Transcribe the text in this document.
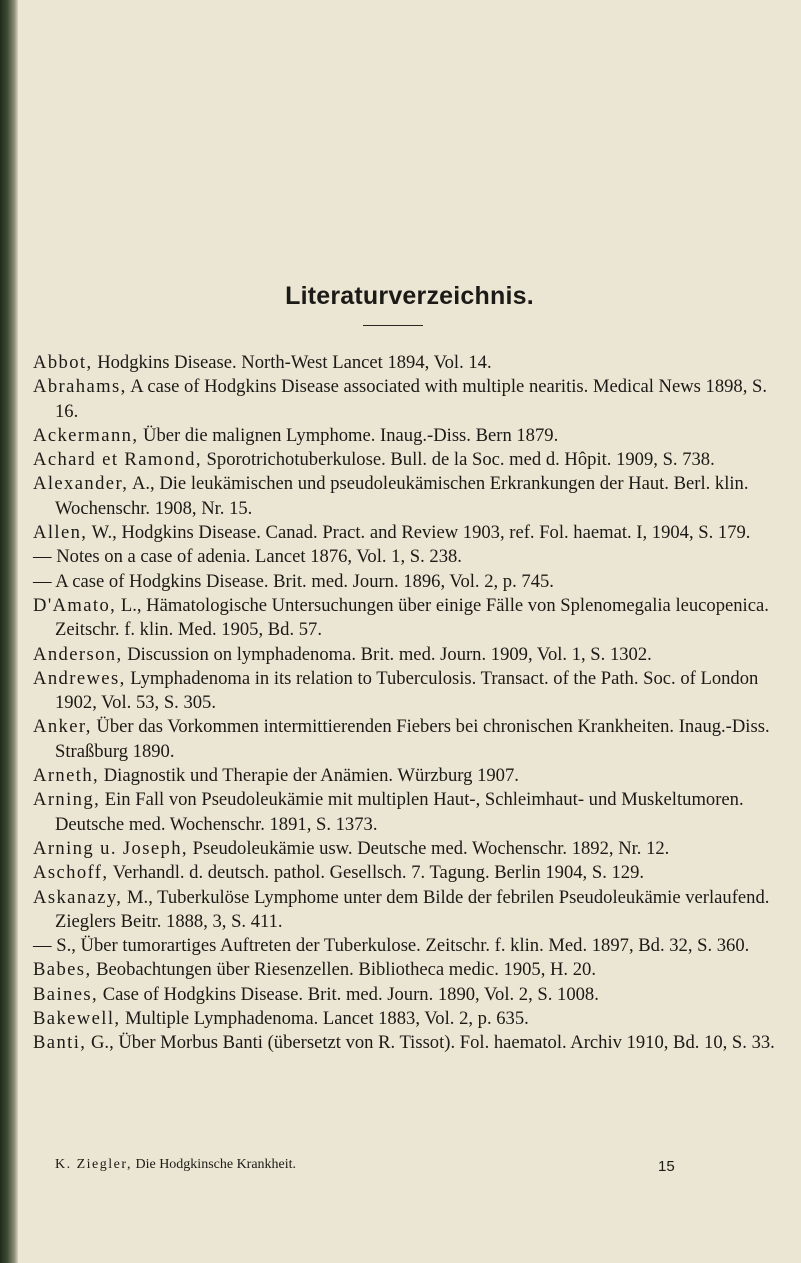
Literaturverzeichnis.

Abbot, Hodgkins Disease. North-West Lancet 1894, Vol. 14.

Abrahams, A case of Hodgkins Disease associated with multiple nearitis. Medical News 1898, S. 16.

Ackermann, Über die malignen Lymphome. Inaug.-Diss. Bern 1879.

Achard et Ramond, Sporotrichotuberkulose. Bull. de la Soc. med d. Hôpit. 1909, S. 738.

Alexander, A., Die leukämischen und pseudoleukämischen Erkrankungen der Haut. Berl. klin. Wochenschr. 1908, Nr. 15.

Allen, W., Hodgkins Disease. Canad. Pract. and Review 1903, ref. Fol. haemat. I, 1904, S. 179.

— Notes on a case of adenia. Lancet 1876, Vol. 1, S. 238.

— A case of Hodgkins Disease. Brit. med. Journ. 1896, Vol. 2, p. 745.

D'Amato, L., Hämatologische Untersuchungen über einige Fälle von Splenomegalia leucopenica. Zeitschr. f. klin. Med. 1905, Bd. 57.

Anderson, Discussion on lymphadenoma. Brit. med. Journ. 1909, Vol. 1, S. 1302.

Andrewes, Lymphadenoma in its relation to Tuberculosis. Transact. of the Path. Soc. of London 1902, Vol. 53, S. 305.

Anker, Über das Vorkommen intermittierenden Fiebers bei chronischen Krankheiten. Inaug.-Diss. Straßburg 1890.

Arneth, Diagnostik und Therapie der Anämien. Würzburg 1907.

Arning, Ein Fall von Pseudoleukämie mit multiplen Haut-, Schleimhaut- und Muskeltumoren. Deutsche med. Wochenschr. 1891, S. 1373.

Arning u. Joseph, Pseudoleukämie usw. Deutsche med. Wochenschr. 1892, Nr. 12.

Aschoff, Verhandl. d. deutsch. pathol. Gesellsch. 7. Tagung. Berlin 1904, S. 129.

Askanazy, M., Tuberkulöse Lymphome unter dem Bilde der febrilen Pseudoleukämie verlaufend. Zieglers Beitr. 1888, 3, S. 411.

— S., Über tumorartiges Auftreten der Tuberkulose. Zeitschr. f. klin. Med. 1897, Bd. 32, S. 360.

Babes, Beobachtungen über Riesenzellen. Bibliotheca medic. 1905, H. 20.

Baines, Case of Hodgkins Disease. Brit. med. Journ. 1890, Vol. 2, S. 1008.

Bakewell, Multiple Lymphadenoma. Lancet 1883, Vol. 2, p. 635.

Banti, G., Über Morbus Banti (übersetzt von R. Tissot). Fol. haematol. Archiv 1910, Bd. 10, S. 33.

K. Ziegler, Die Hodgkinsche Krankheit.	15
